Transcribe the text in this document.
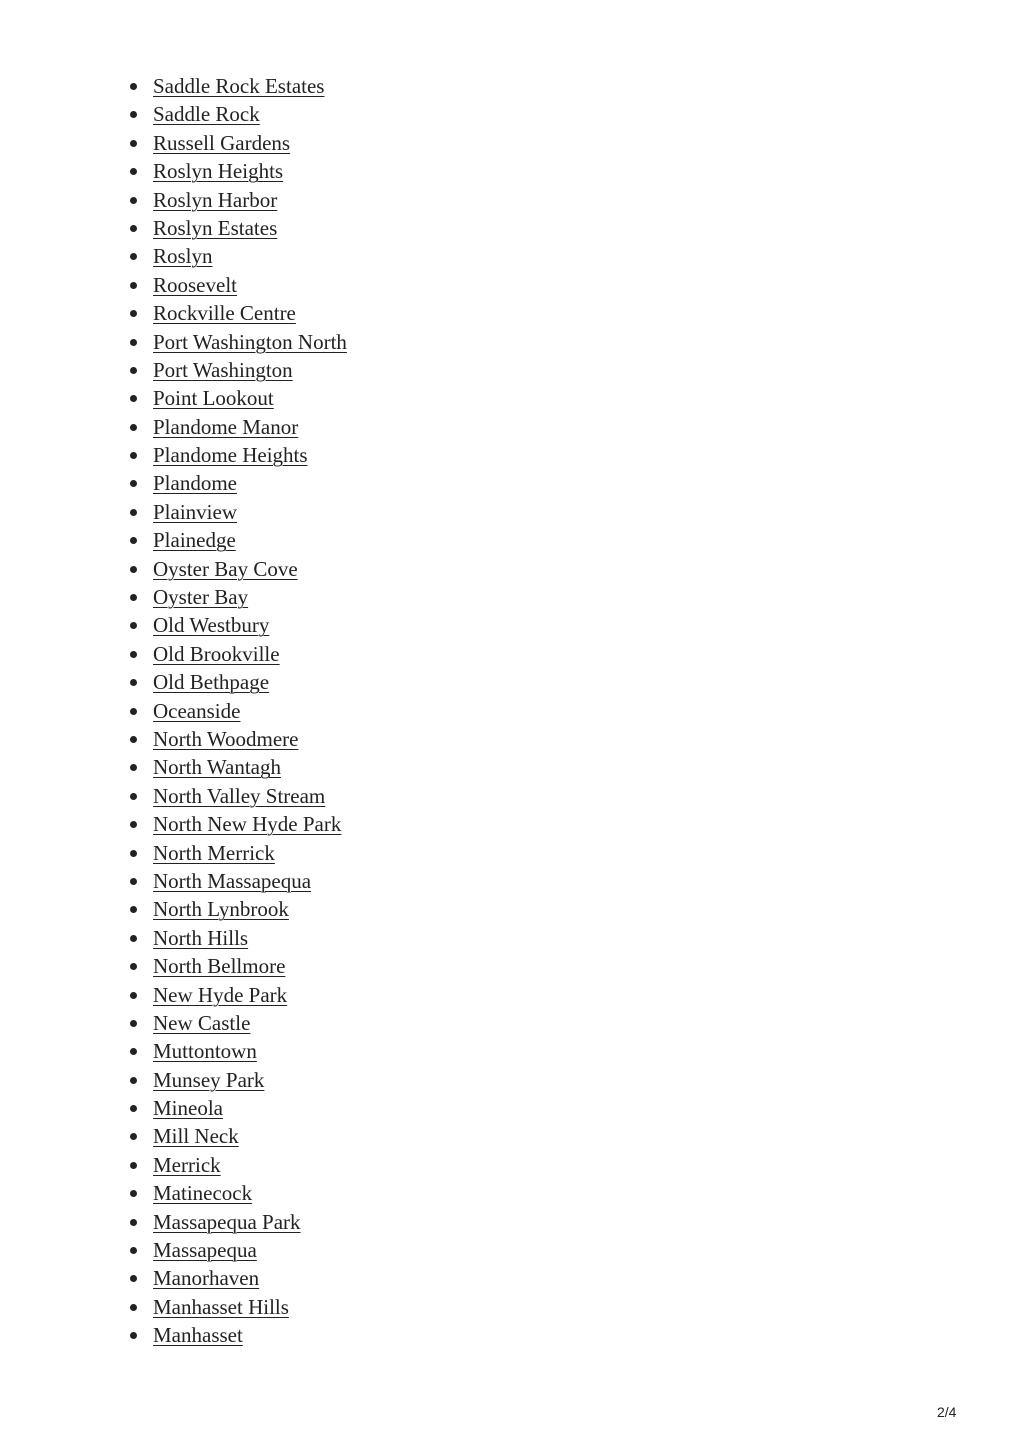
Saddle Rock Estates
Saddle Rock
Russell Gardens
Roslyn Heights
Roslyn Harbor
Roslyn Estates
Roslyn
Roosevelt
Rockville Centre
Port Washington North
Port Washington
Point Lookout
Plandome Manor
Plandome Heights
Plandome
Plainview
Plainedge
Oyster Bay Cove
Oyster Bay
Old Westbury
Old Brookville
Old Bethpage
Oceanside
North Woodmere
North Wantagh
North Valley Stream
North New Hyde Park
North Merrick
North Massapequa
North Lynbrook
North Hills
North Bellmore
New Hyde Park
New Castle
Muttontown
Munsey Park
Mineola
Mill Neck
Merrick
Matinecock
Massapequa Park
Massapequa
Manorhaven
Manhasset Hills
Manhasset
2/4
